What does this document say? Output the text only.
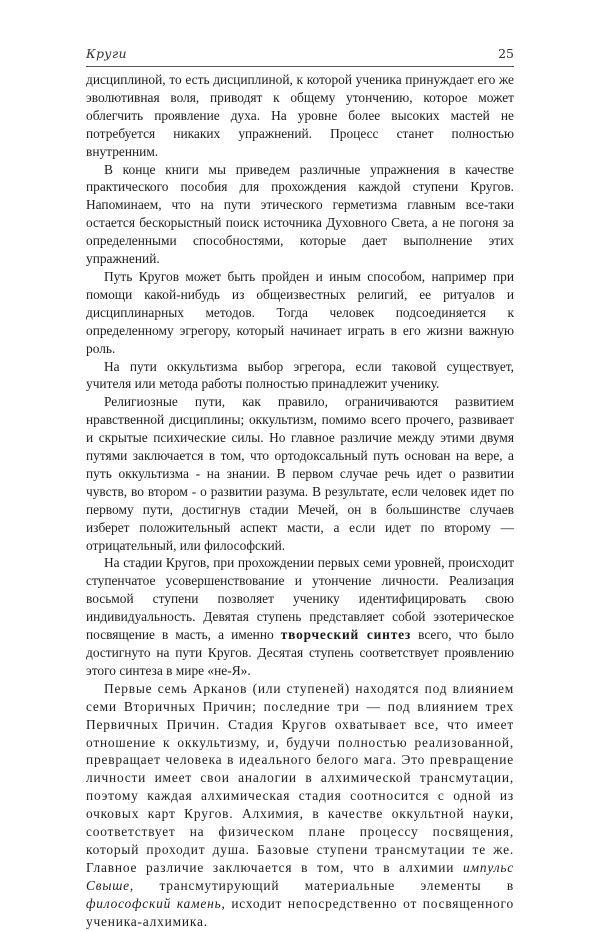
Круги	25

дисциплиной, то есть дисциплиной, к которой ученика принуждает его же эволютивная воля, приводят к общему утончению, которое может облегчить проявление духа. На уровне более высоких мастей не потребуется никаких упражнений. Процесс станет полностью внутренним.

В конце книги мы приведем различные упражнения в качестве практического пособия для прохождения каждой ступени Кругов. Напоминаем, что на пути этического герметизма главным все-таки остается бескорыстный поиск источника Духовного Света, а не погоня за определенными способностями, которые дает выполнение этих упражнений.

Путь Кругов может быть пройден и иным способом, например при помощи какой-нибудь из общеизвестных религий, ее ритуалов и дисциплинарных методов. Тогда человек подсоединяется к определенному эгрегору, который начинает играть в его жизни важную роль.

На пути оккультизма выбор эгрегора, если таковой существует, учителя или метода работы полностью принадлежит ученику.

Религиозные пути, как правило, ограничиваются развитием нравственной дисциплины; оккультизм, помимо всего прочего, развивает и скрытые психические силы. Но главное различие между этими двумя путями заключается в том, что ортодоксальный путь основан на вере, а путь оккультизма - на знании. В первом случае речь идет о развитии чувств, во втором - о развитии разума. В результате, если человек идет по первому пути, достигнув стадии Мечей, он в большинстве случаев изберет положительный аспект масти, а если идет по второму — отрицательный, или философский.

На стадии Кругов, при прохождении первых семи уровней, происходит ступенчатое усовершенствование и утончение личности. Реализация восьмой ступени позволяет ученику идентифицировать свою индивидуальность. Девятая ступень представляет собой эзотерическое посвящение в масть, а именно творческий синтез всего, что было достигнуто на пути Кругов. Десятая ступень соответствует проявлению этого синтеза в мире «не-Я».

Первые семь Арканов (или ступеней) находятся под влиянием семи Вторичных Причин; последние три — под влиянием трех Первичных Причин. Стадия Кругов охватывает все, что имеет отношение к оккультизму, и, будучи полностью реализованной, превращает человека в идеального белого мага. Это превращение личности имеет свои аналогии в алхимической трансмутации, поэтому каждая алхимическая стадия соотносится с одной из очковых карт Кругов. Алхимия, в качестве оккультной науки, соответствует на физическом плане процессу посвящения, который проходит душа. Базовые ступени трансмутации те же. Главное различие заключается в том, что в алхимии импульс Свыше, трансмутирующий материальные элементы в философский камень, исходит непосредственно от посвященного ученика-алхимика.
